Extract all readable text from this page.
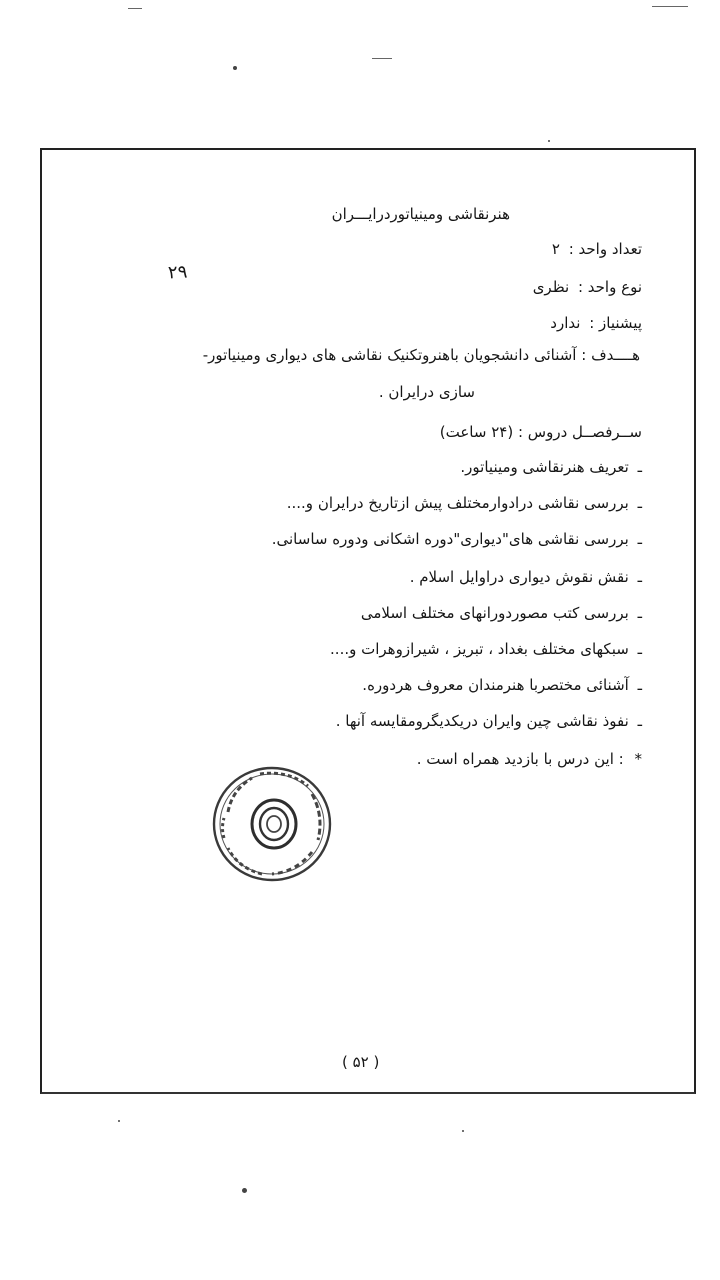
هنرنقاشی ومینیاتوردرایـــران
۲۹
تعداد واحد : ۲
نوع واحد : نظری
پیشنیاز : ندارد
هــــدف : آشنائی دانشجویان باهنروتکنیک نقاشی های دیواری ومینیاتور-
سازی درایران .
ســرفصــل دروس : (۲۴ ساعت)
ـ تعریف هنرنقاشی ومینیاتور.
ـ بررسی نقاشی درادوارمختلف پیش ازتاریخ درایران و....
ـ بررسی نقاشی های"دیواری"دوره اشکانی ودوره ساسانی.
ـ نقش نقوش دیواری دراوایل اسلام .
ـ بررسی کتب مصوردورانهای مختلف اسلامی
ـ سبکهای مختلف بغداد ، تبریز ، شیرازوهرات و....
ـ آشنائی مختصربا هنرمندان معروف هردوره.
ـ نفوذ نقاشی چین وایران دریکدیگرومقایسه آنها .
* : این درس با بازدید همراه است .
( ۵۲ )
